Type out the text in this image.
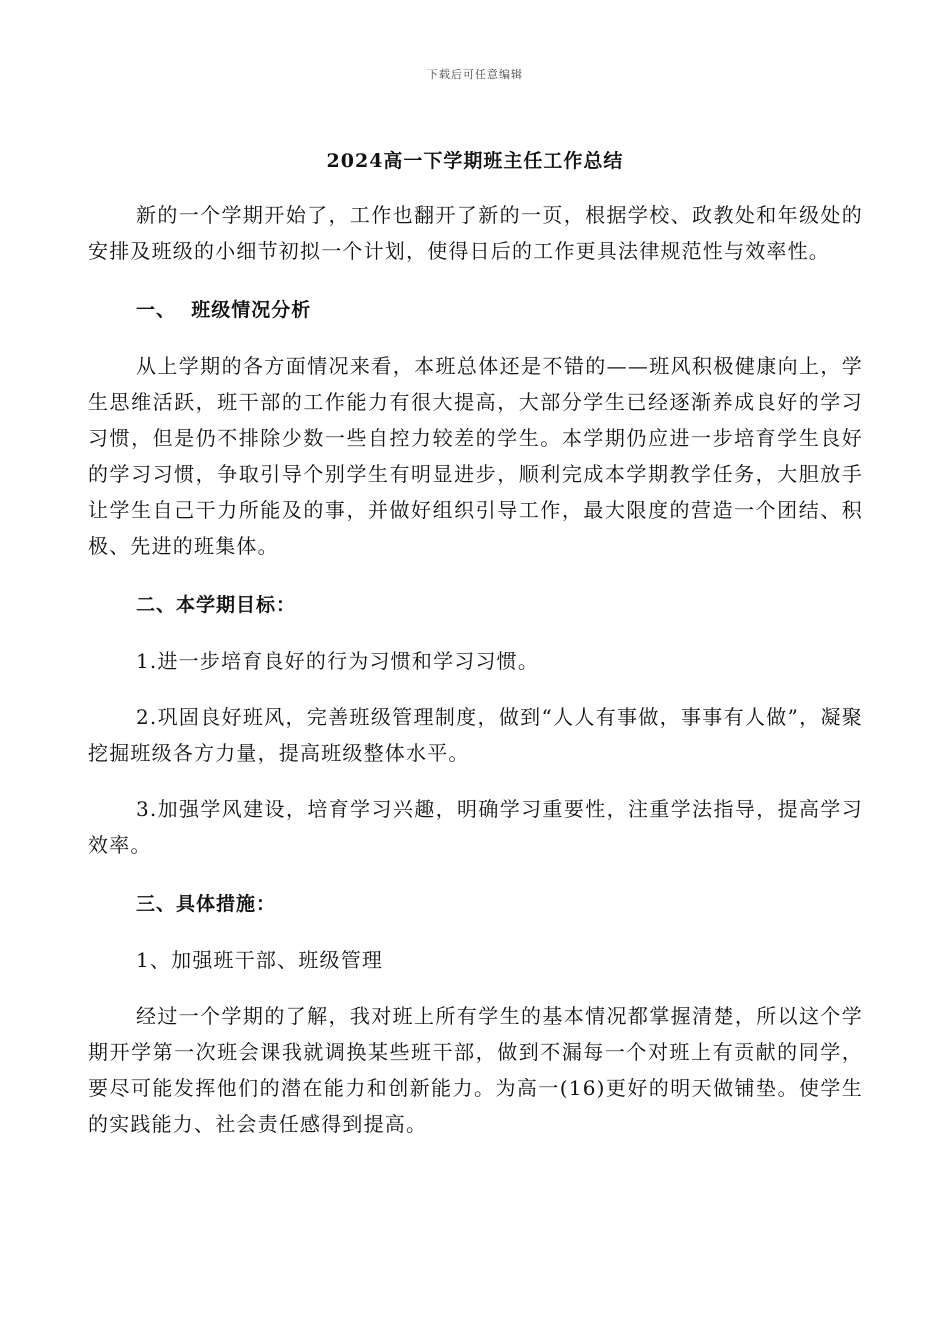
下载后可任意编辑
2024高一下学期班主任工作总结

新的一个学期开始了，工作也翻开了新的一页，根据学校、政教处和年级处的安排及班级的小细节初拟一个计划，使得日后的工作更具法律规范性与效率性。

一、  班级情况分析

从上学期的各方面情况来看，本班总体还是不错的——班风积极健康向上，学生思维活跃，班干部的工作能力有很大提高，大部分学生已经逐渐养成良好的学习习惯，但是仍不排除少数一些自控力较差的学生。本学期仍应进一步培育学生良好的学习习惯，争取引导个别学生有明显进步，顺利完成本学期教学任务，大胆放手让学生自己干力所能及的事，并做好组织引导工作，最大限度的营造一个团结、积极、先进的班集体。

二、本学期目标：

1.进一步培育良好的行为习惯和学习习惯。

2.巩固良好班风，完善班级管理制度，做到“人人有事做，事事有人做”，凝聚挖掘班级各方力量，提高班级整体水平。

3.加强学风建设，培育学习兴趣，明确学习重要性，注重学法指导，提高学习效率。

三、具体措施：

1、加强班干部、班级管理

经过一个学期的了解，我对班上所有学生的基本情况都掌握清楚，所以这个学期开学第一次班会课我就调换某些班干部，做到不漏每一个对班上有贡献的同学，要尽可能发挥他们的潜在能力和创新能力。为高一(16)更好的明天做铺垫。使学生的实践能力、社会责任感得到提高。
